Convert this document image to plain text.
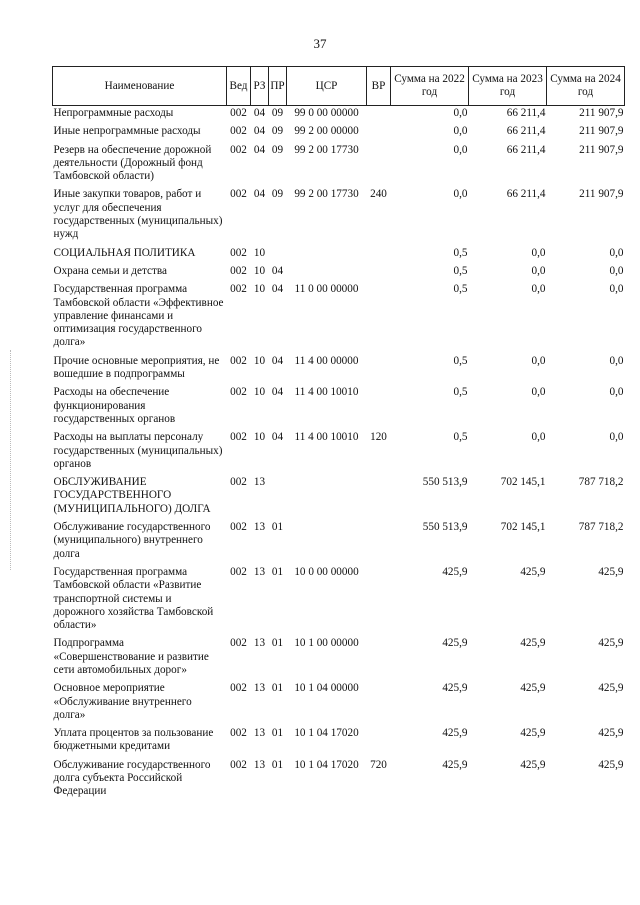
37
Наименование	Вед	РЗ	ПР	ЦСР	ВР	Сумма на 2022 год	Сумма на 2023 год	Сумма на 2024 год
Непрограммные расходы	002	04	09	99 0 00 00000		0,0	66 211,4	211 907,9
Иные непрограммные расходы	002	04	09	99 2 00 00000		0,0	66 211,4	211 907,9
Резерв на обеспечение дорожной деятельности (Дорожный фонд Тамбовской области)	002	04	09	99 2 00 17730		0,0	66 211,4	211 907,9
Иные закупки товаров, работ и услуг для обеспечения государственных (муниципальных) нужд	002	04	09	99 2 00 17730	240	0,0	66 211,4	211 907,9
СОЦИАЛЬНАЯ ПОЛИТИКА	002	10				0,5	0,0	0,0
Охрана семьи и детства	002	10	04			0,5	0,0	0,0
Государственная программа Тамбовской области «Эффективное управление финансами и оптимизация государственного долга»	002	10	04	11 0 00 00000		0,5	0,0	0,0
Прочие основные мероприятия, не вошедшие в подпрограммы	002	10	04	11 4 00 00000		0,5	0,0	0,0
Расходы на обеспечение функционирования государственных органов	002	10	04	11 4 00 10010		0,5	0,0	0,0
Расходы на выплаты персоналу государственных (муниципальных) органов	002	10	04	11 4 00 10010	120	0,5	0,0	0,0
ОБСЛУЖИВАНИЕ ГОСУДАРСТВЕННОГО (МУНИЦИПАЛЬНОГО) ДОЛГА	002	13				550 513,9	702 145,1	787 718,2
Обслуживание государственного (муниципального) внутреннего долга	002	13	01			550 513,9	702 145,1	787 718,2
Государственная программа Тамбовской области «Развитие транспортной системы и дорожного хозяйства Тамбовской области»	002	13	01	10 0 00 00000		425,9	425,9	425,9
Подпрограмма «Совершенствование и развитие сети автомобильных дорог»	002	13	01	10 1 00 00000		425,9	425,9	425,9
Основное мероприятие «Обслуживание внутреннего долга»	002	13	01	10 1 04 00000		425,9	425,9	425,9
Уплата процентов за пользование бюджетными кредитами	002	13	01	10 1 04 17020		425,9	425,9	425,9
Обслуживание государственного долга субъекта Российской Федерации	002	13	01	10 1 04 17020	720	425,9	425,9	425,9
